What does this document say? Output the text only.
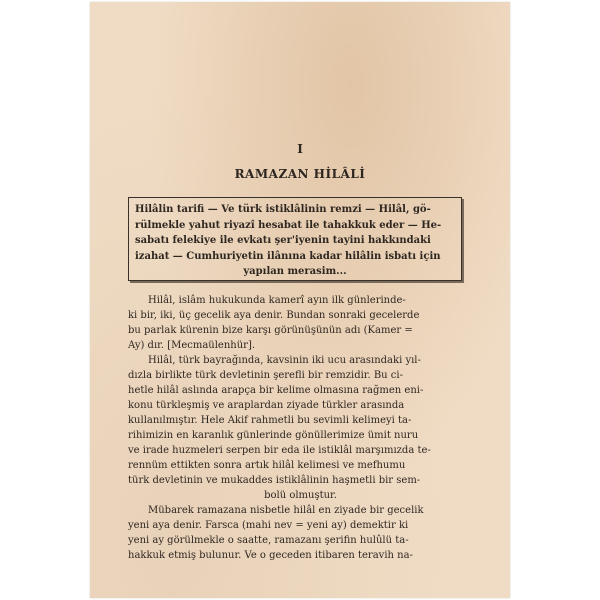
I
RAMAZAN HİLÂLİ
Hilâlin tarifi — Ve türk istiklâlinin remzi — Hilâl, gö-
rülmekle yahut riyazî hesabat ile tahakkuk eder — He-
sabatı felekiye ile evkatı şer'iyenin tayini hakkındaki
izahat — Cumhuriyetin ilânına kadar hilâlin isbatı için
yapılan merasim...
Hilâl, islâm hukukunda kamerî ayın ilk günlerinde-
ki bir, iki, üç gecelik aya denir. Bundan sonraki gecelerde
bu parlak kürenin bize karşı görünüşünün adı (Kamer =
Ay) dır. [Mecmaülenhür].
Hilâl, türk bayrağında, kavsinin iki ucu arasındaki yıl-
dızla birlikte türk devletinin şerefli bir remzidir. Bu ci-
hetle hilâl aslında arapça bir kelime olmasına rağmen eni-
konu türkleşmiş ve araplardan ziyade türkler arasında
kullanılmıştır. Hele Akif rahmetli bu sevimli kelimeyi ta-
rihimizin en karanlık günlerinde gönüllerimize ümit nuru
ve irade huzmeleri serpen bir eda ile istiklâl marşımızda te-
rennüm ettikten sonra artık hilâl kelimesi ve mefhumu
türk devletinin ve mukaddes istiklâlinin haşmetli bir sem-
bolü olmuştur.
Mübarek ramazana nisbetle hilâl en ziyade bir gecelik
yeni aya denir. Farsca (mahi nev = yeni ay) demektir ki
yeni ay görülmekle o saatte, ramazanı şerifin hulûlü ta-
hakkuk etmiş bulunur. Ve o geceden itibaren teravih na-
